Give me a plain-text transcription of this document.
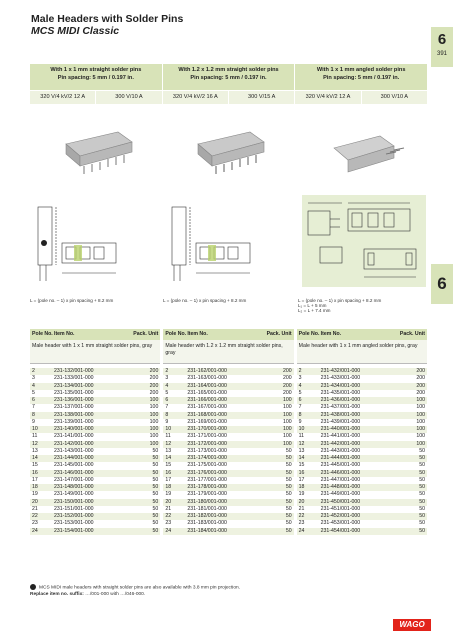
Male Headers with Solder Pins
MCS MIDI Classic	6
391
6
With 1 x 1 mm straight solder pins
Pin spacing: 5 mm / 0.197 in.
320 V/4 kV/2 12 A	300 V/10 A
With 1.2 x 1.2 mm straight solder pins
Pin spacing: 5 mm / 0.197 in.
320 V/4 kV/2 16 A	300 V/15 A
With 1 x 1 mm angled solder pins
Pin spacing: 5 mm / 0.197 in.
320 V/4 kV/2 12 A	300 V/10 A
L = (pole no. – 1) x pin spacing + 8.2 mm	L = (pole no. – 1) x pin spacing + 8.2 mm	L = (pole no. – 1) x pin spacing + 8.2 mm
L₁ = L + 5 mm
L₂ = L + 7.4 mm
Pole No. Item No.	Pack. Unit
Male header with 1 x 1 mm straight solder pins, gray
2	231-132/001-000	200
3	231-133/001-000	200
4	231-134/001-000	200
5	231-135/001-000	200
6	231-136/001-000	100
7	231-137/001-000	100
8	231-138/001-000	100
9	231-139/001-000	100
10	231-140/001-000	100
11	231-141/001-000	100
12	231-142/001-000	100
13	231-143/001-000	50
14	231-144/001-000	50
15	231-145/001-000	50
16	231-146/001-000	50
17	231-147/001-000	50
18	231-148/001-000	50
19	231-149/001-000	50
20	231-150/001-000	50
21	231-151/001-000	50
22	231-152/001-000	50
23	231-153/001-000	50
24	231-154/001-000	50
Pole No. Item No.	Pack. Unit
Male header with 1.2 x 1.2 mm straight solder pins, gray
2	231-162/001-000	200
3	231-163/001-000	200
4	231-164/001-000	200
5	231-165/001-000	200
6	231-166/001-000	100
7	231-167/001-000	100
8	231-168/001-000	100
9	231-169/001-000	100
10	231-170/001-000	100
11	231-171/001-000	100
12	231-172/001-000	100
13	231-173/001-000	50
14	231-174/001-000	50
15	231-175/001-000	50
16	231-176/001-000	50
17	231-177/001-000	50
18	231-178/001-000	50
19	231-179/001-000	50
20	231-180/001-000	50
21	231-181/001-000	50
22	231-182/001-000	50
23	231-183/001-000	50
24	231-184/001-000	50
Pole No. Item No.	Pack. Unit
Male header with 1 x 1 mm angled solder pins, gray
2	231-432/001-000	200
3	231-433/001-000	200
4	231-434/001-000	200
5	231-435/001-000	200
6	231-436/001-000	100
7	231-437/001-000	100
8	231-438/001-000	100
9	231-439/001-000	100
10	231-440/001-000	100
11	231-441/001-000	100
12	231-442/001-000	100
13	231-443/001-000	50
14	231-444/001-000	50
15	231-445/001-000	50
16	231-446/001-000	50
17	231-447/001-000	50
18	231-448/001-000	50
19	231-449/001-000	50
20	231-450/001-000	50
21	231-451/001-000	50
22	231-452/001-000	50
23	231-453/001-000	50
24	231-454/001-000	50
MCS MIDI male headers with straight solder pins are also available with 3.8 mm pin projection.
Replace item no. suffix: …/001-000 with …/046-000.
WAGO
